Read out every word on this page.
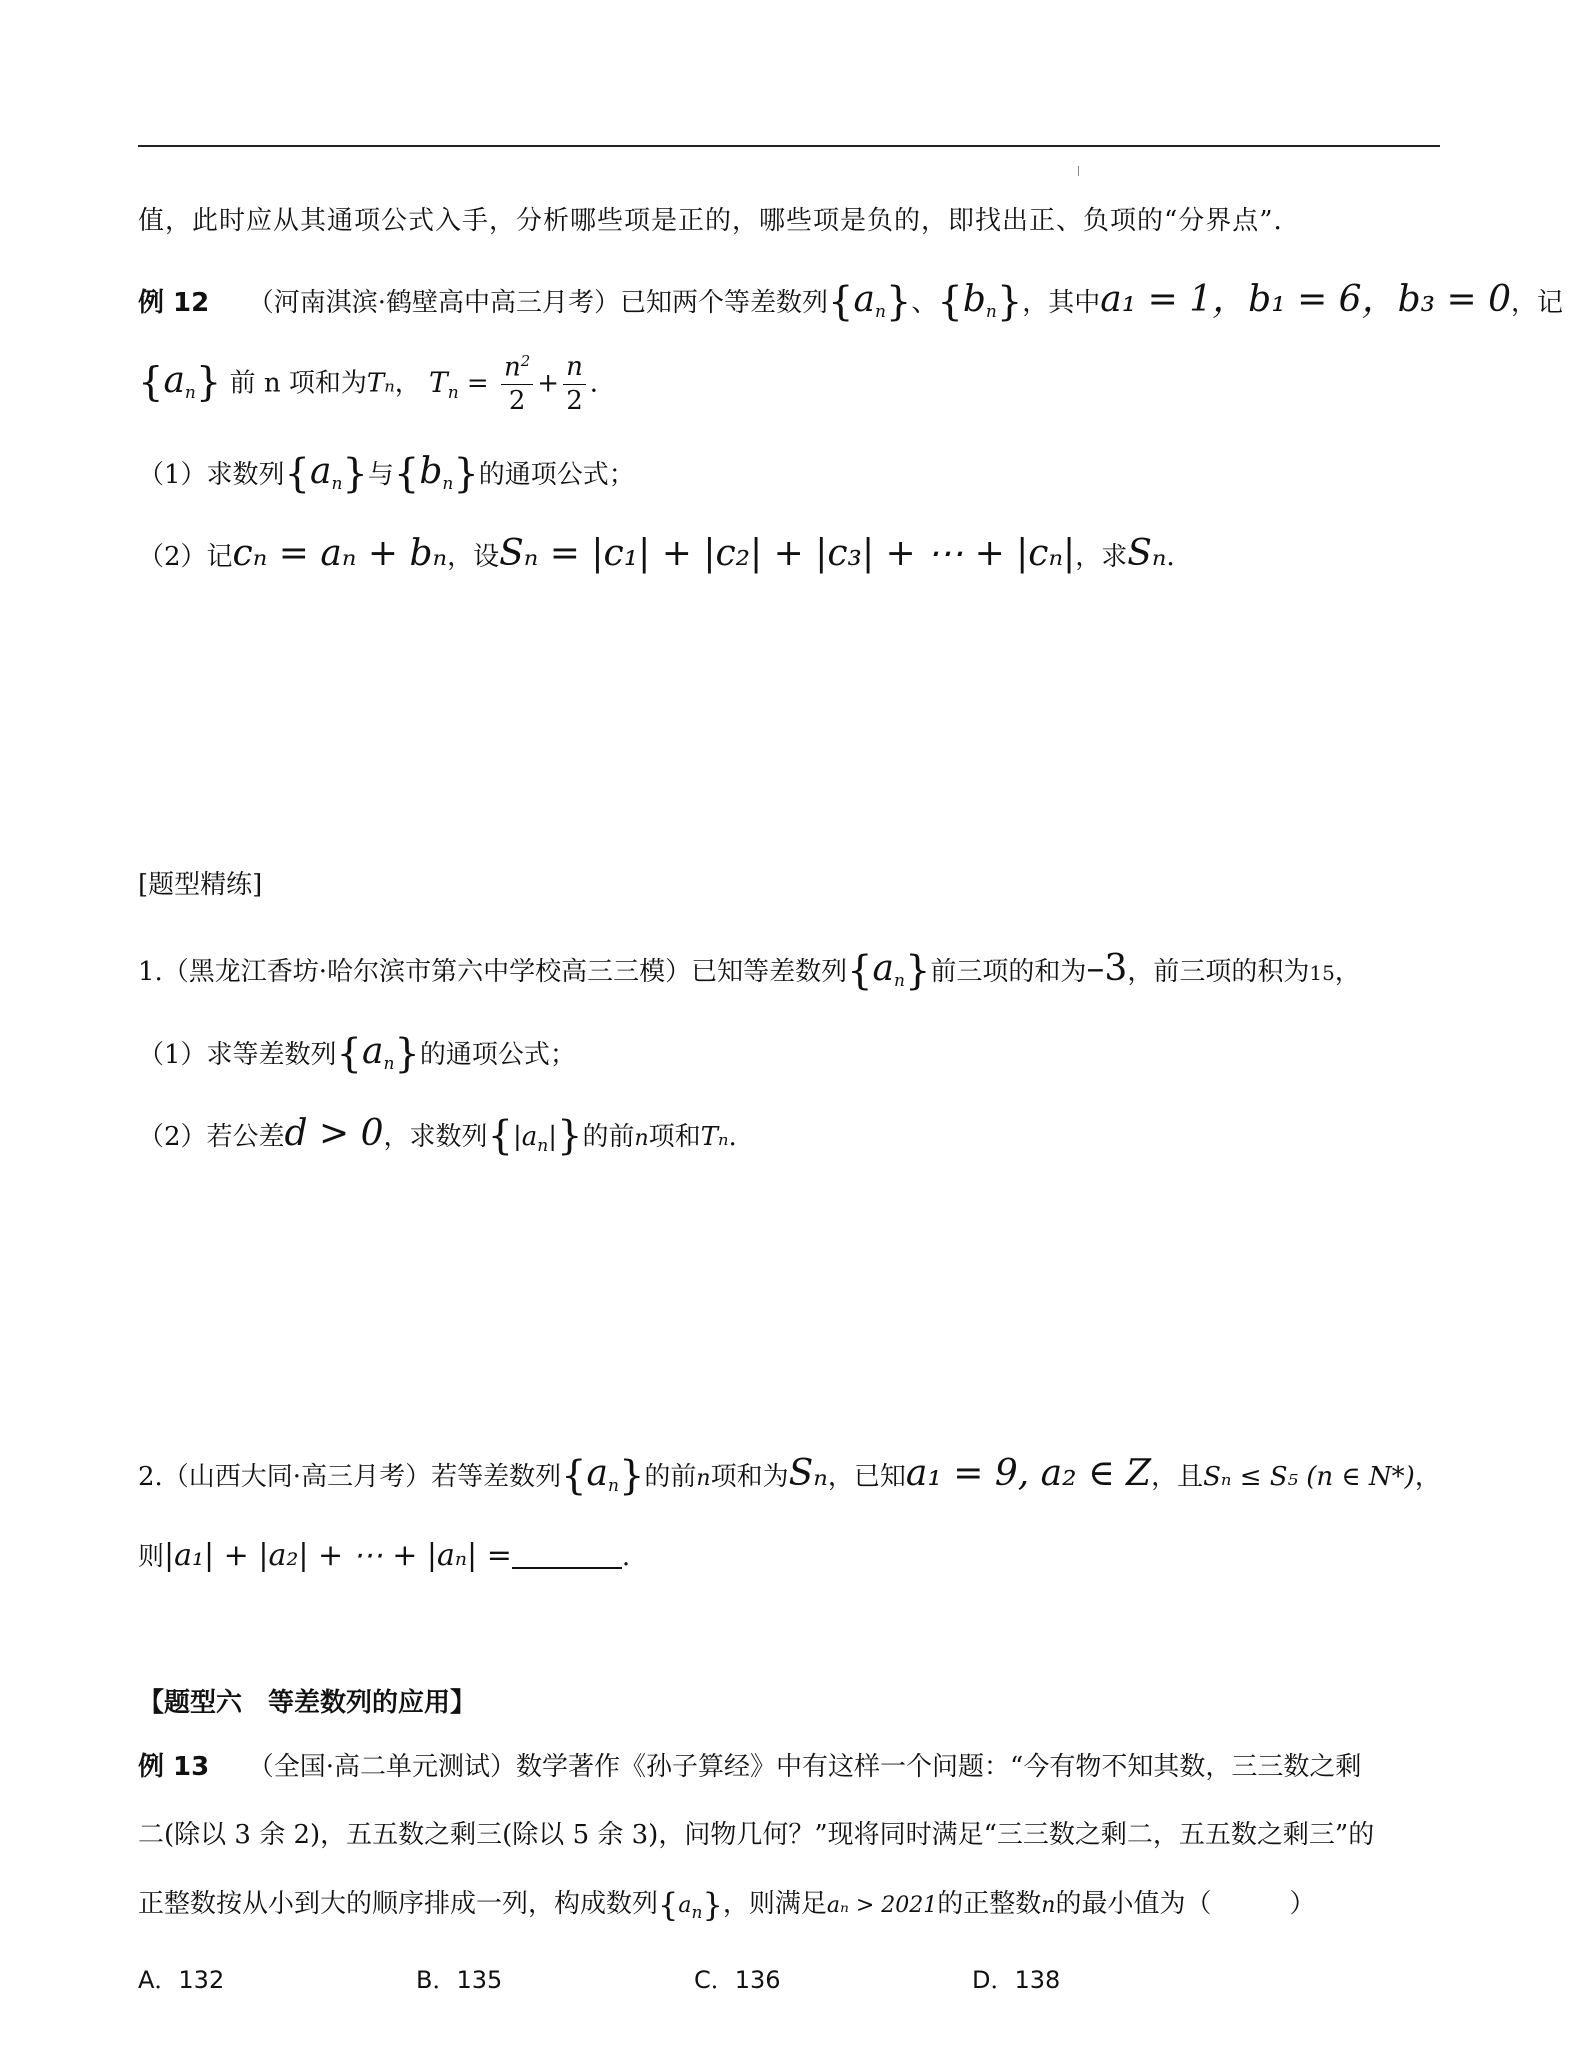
值，此时应从其通项公式入手，分析哪些项是正的，哪些项是负的，即找出正、负项的“分界点”．
例 12 （河南淇滨·鹤壁高中高三月考）已知两个等差数列$\{a_n\}$、$\{b_n\}$，其中a₁ = 1，b₁ = 6，b₃ = 0，记
$\{a_n\}$ 前 n 项和为Tₙ， $T_n = \frac{n^2}{2} + \frac{n}{2}$ ．
（1）求数列$\{a_n\}$与$\{b_n\}$的通项公式；
（2）记cₙ = aₙ + bₙ，设Sₙ = |c₁| + |c₂| + |c₃| + ⋯ + |cₙ|，求Sₙ．
[题型精练]
1.（黑龙江香坊·哈尔滨市第六中学校高三三模）已知等差数列$\{a_n\}$前三项的和为–3，前三项的积为15，
（1）求等差数列$\{a_n\}$的通项公式；
（2）若公差d > 0，求数列$\{|a_n|\}$的前n项和Tₙ.
2.（山西大同·高三月考）若等差数列$\{a_n\}$的前n项和为Sₙ，已知a₁ = 9, a₂ ∈ Z，且Sₙ ≤ S₅ (n ∈ N*)，
则|a₁| + |a₂| + ⋯ + |aₙ| =	.
【题型六　等差数列的应用】
例 13 （全国·高二单元测试）数学著作《孙子算经》中有这样一个问题：“今有物不知其数，三三数之剩
二(除以 3 余 2)，五五数之剩三(除以 5 余 3)，问物几何？”现将同时满足“三三数之剩二，五五数之剩三”的
正整数按从小到大的顺序排成一列，构成数列$\{a_n\}$，则满足aₙ > 2021的正整数n的最小值为（　　　）
A．132	B．135	C．136	D．138
